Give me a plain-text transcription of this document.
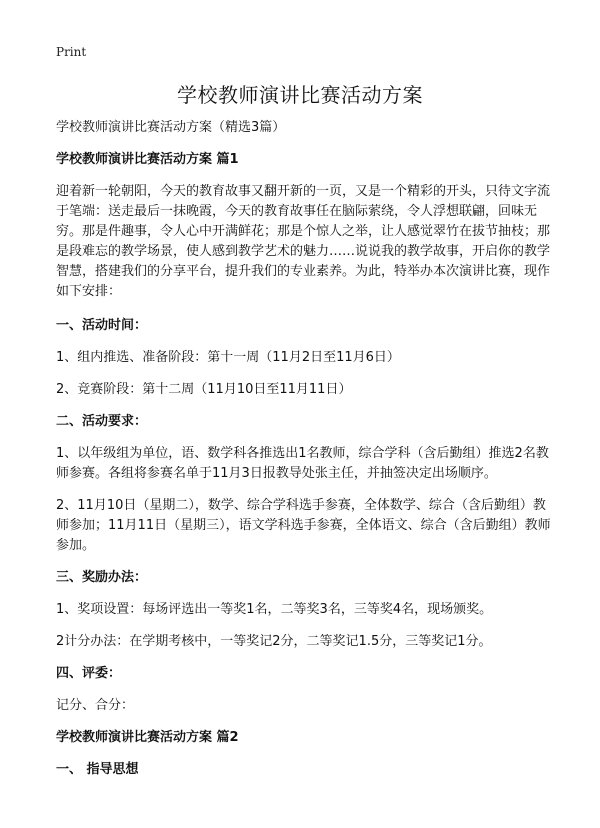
Print
学校教师演讲比赛活动方案

学校教师演讲比赛活动方案（精选3篇）

学校教师演讲比赛活动方案 篇1

迎着新一轮朝阳，今天的教育故事又翻开新的一页，又是一个精彩的开头，只待文字流于笔端：送走最后一抹晚霞，今天的教育故事任在脑际萦绕，令人浮想联翩，回味无穷。那是件趣事，令人心中开满鲜花；那是个惊人之举，让人感觉翠竹在拔节抽枝；那是段难忘的教学场景，使人感到教学艺术的魅力……说说我的教学故事，开启你的教学智慧，搭建我们的分享平台，提升我们的专业素养。为此，特举办本次演讲比赛，现作如下安排：

一、活动时间：

1、组内推选、准备阶段：第十一周（11月2日至11月6日）

2、竞赛阶段：第十二周（11月10日至11月11日）

二、活动要求：

1、以年级组为单位，语、数学科各推选出1名教师，综合学科（含后勤组）推选2名教师参赛。各组将参赛名单于11月3日报教导处张主任，并抽签决定出场顺序。

2、11月10日（星期二），数学、综合学科选手参赛，全体数学、综合（含后勤组）教师参加；11月11日（星期三），语文学科选手参赛，全体语文、综合（含后勤组）教师参加。

三、奖励办法：

1、奖项设置：每场评选出一等奖1名，二等奖3名，三等奖4名，现场颁奖。

2计分办法：在学期考核中，一等奖记2分，二等奖记1.5分，三等奖记1分。

四、评委：

记分、合分：

学校教师演讲比赛活动方案 篇2

一、 指导思想
